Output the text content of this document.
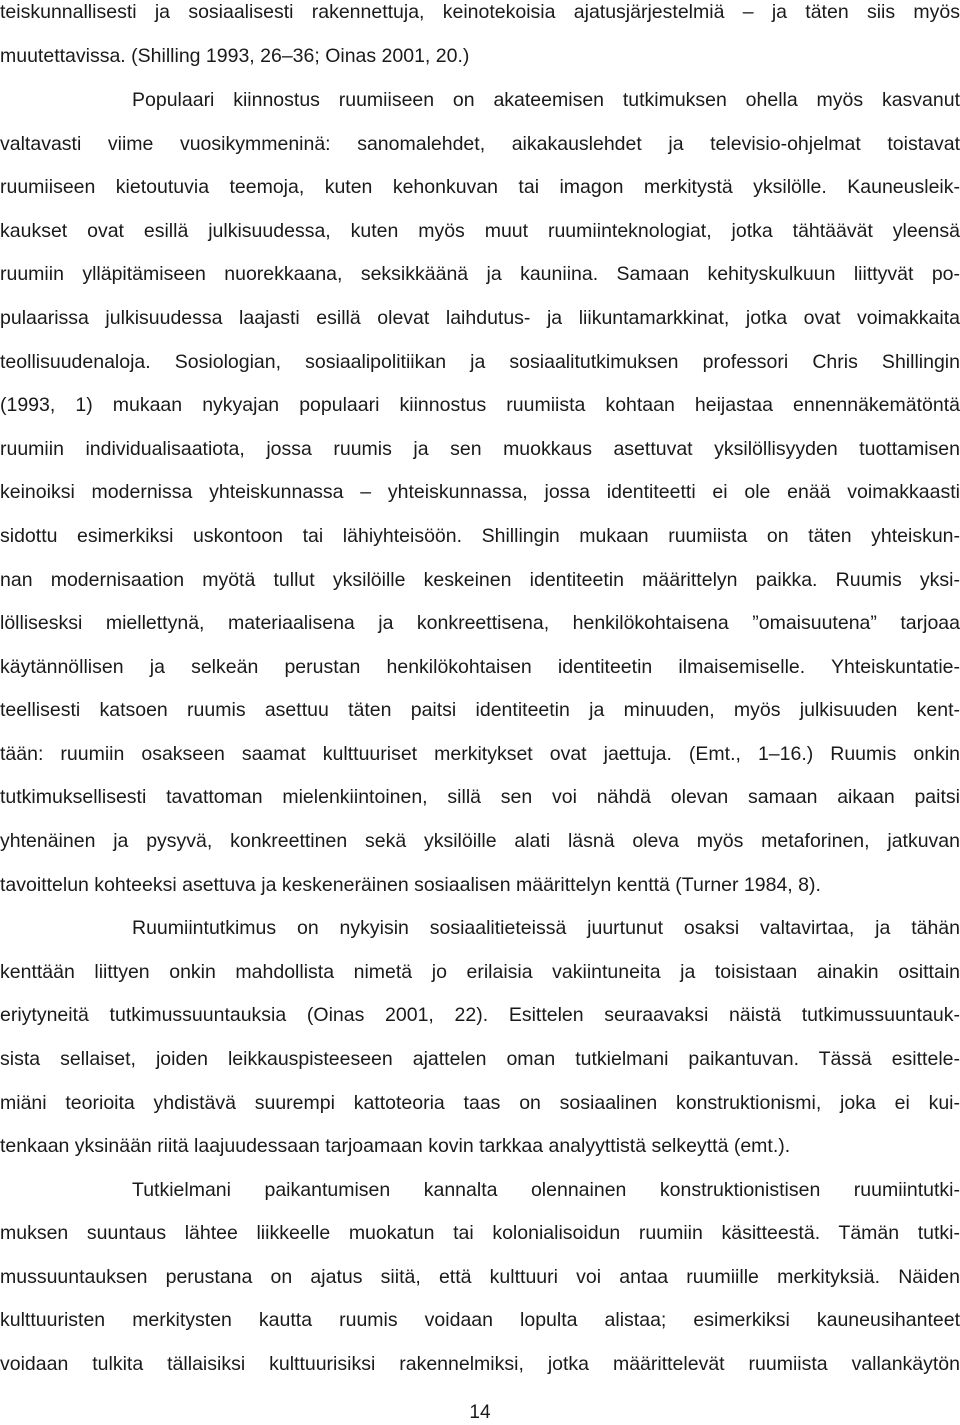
teiskunnallisesti ja sosiaalisesti rakennettuja, keinotekoisia ajatusjärjestelmiä – ja täten siis myös
muutettavissa. (Shilling 1993, 26–36; Oinas 2001, 20.)
Populaari kiinnostus ruumiiseen on akateemisen tutkimuksen ohella myös kasvanut
valtavasti viime vuosikymmeninä: sanomalehdet, aikakauslehdet ja televisio-ohjelmat toistavat
ruumiiseen kietoutuvia teemoja, kuten kehonkuvan tai imagon merkitystä yksilölle. Kauneusleik-
kaukset ovat esillä julkisuudessa, kuten myös muut ruumiinteknologiat, jotka tähtäävät yleensä
ruumiin ylläpitämiseen nuorekkaana, seksikkäänä ja kauniina. Samaan kehityskulkuun liittyvät po-
pulaarissa julkisuudessa laajasti esillä olevat laihdutus- ja liikuntamarkkinat, jotka ovat voimakkaita
teollisuudenaloja. Sosiologian, sosiaalipolitiikan ja sosiaalitutkimuksen professori Chris Shillingin
(1993, 1) mukaan nykyajan populaari kiinnostus ruumiista kohtaan heijastaa ennennäkemätöntä
ruumiin individualisaatiota, jossa ruumis ja sen muokkaus asettuvat yksilöllisyyden tuottamisen
keinoiksi modernissa yhteiskunnassa – yhteiskunnassa, jossa identiteetti ei ole enää voimakkaasti
sidottu esimerkiksi uskontoon tai lähiyhteisöön. Shillingin mukaan ruumiista on täten yhteiskun-
nan modernisaation myötä tullut yksilöille keskeinen identiteetin määrittelyn paikka. Ruumis yksi-
löllisesksi miellettynä, materiaalisena ja konkreettisena, henkilökohtaisena ”omaisuutena” tarjoaa
käytännöllisen ja selkeän perustan henkilökohtaisen identiteetin ilmaisemiselle. Yhteiskuntatie-
teellisesti katsoen ruumis asettuu täten paitsi identiteetin ja minuuden, myös julkisuuden kent-
tään: ruumiin osakseen saamat kulttuuriset merkitykset ovat jaettuja. (Emt., 1–16.) Ruumis onkin
tutkimuksellisesti tavattoman mielenkiintoinen, sillä sen voi nähdä olevan samaan aikaan paitsi
yhtenäinen ja pysyvä, konkreettinen sekä yksilöille alati läsnä oleva myös metaforinen, jatkuvan
tavoittelun kohteeksi asettuva ja keskeneräinen sosiaalisen määrittelyn kenttä (Turner 1984, 8).
Ruumiintutkimus on nykyisin sosiaalitieteissä juurtunut osaksi valtavirtaa, ja tähän
kenttään liittyen onkin mahdollista nimetä jo erilaisia vakiintuneita ja toisistaan ainakin osittain
eriytyneitä tutkimussuuntauksia (Oinas 2001, 22). Esittelen seuraavaksi näistä tutkimussuuntauk-
sista sellaiset, joiden leikkauspisteeseen ajattelen oman tutkielmani paikantuvan. Tässä esittele-
miäni teorioita yhdistävä suurempi kattoteoria taas on sosiaalinen konstruktionismi, joka ei kui-
tenkaan yksinään riitä laajuudessaan tarjoamaan kovin tarkkaa analyyttistä selkeyttä (emt.).
Tutkielmani paikantumisen kannalta olennainen konstruktionistisen ruumiintutki-
muksen suuntaus lähtee liikkeelle muokatun tai kolonialisoidun ruumiin käsitteestä. Tämän tutki-
mussuuntauksen perustana on ajatus siitä, että kulttuuri voi antaa ruumiille merkityksiä. Näiden
kulttuuristen merkitysten kautta ruumis voidaan lopulta alistaa; esimerkiksi kauneusihanteet
voidaan tulkita tällaisiksi kulttuurisiksi rakennelmiksi, jotka määrittelevät ruumiista vallankäytön
14
